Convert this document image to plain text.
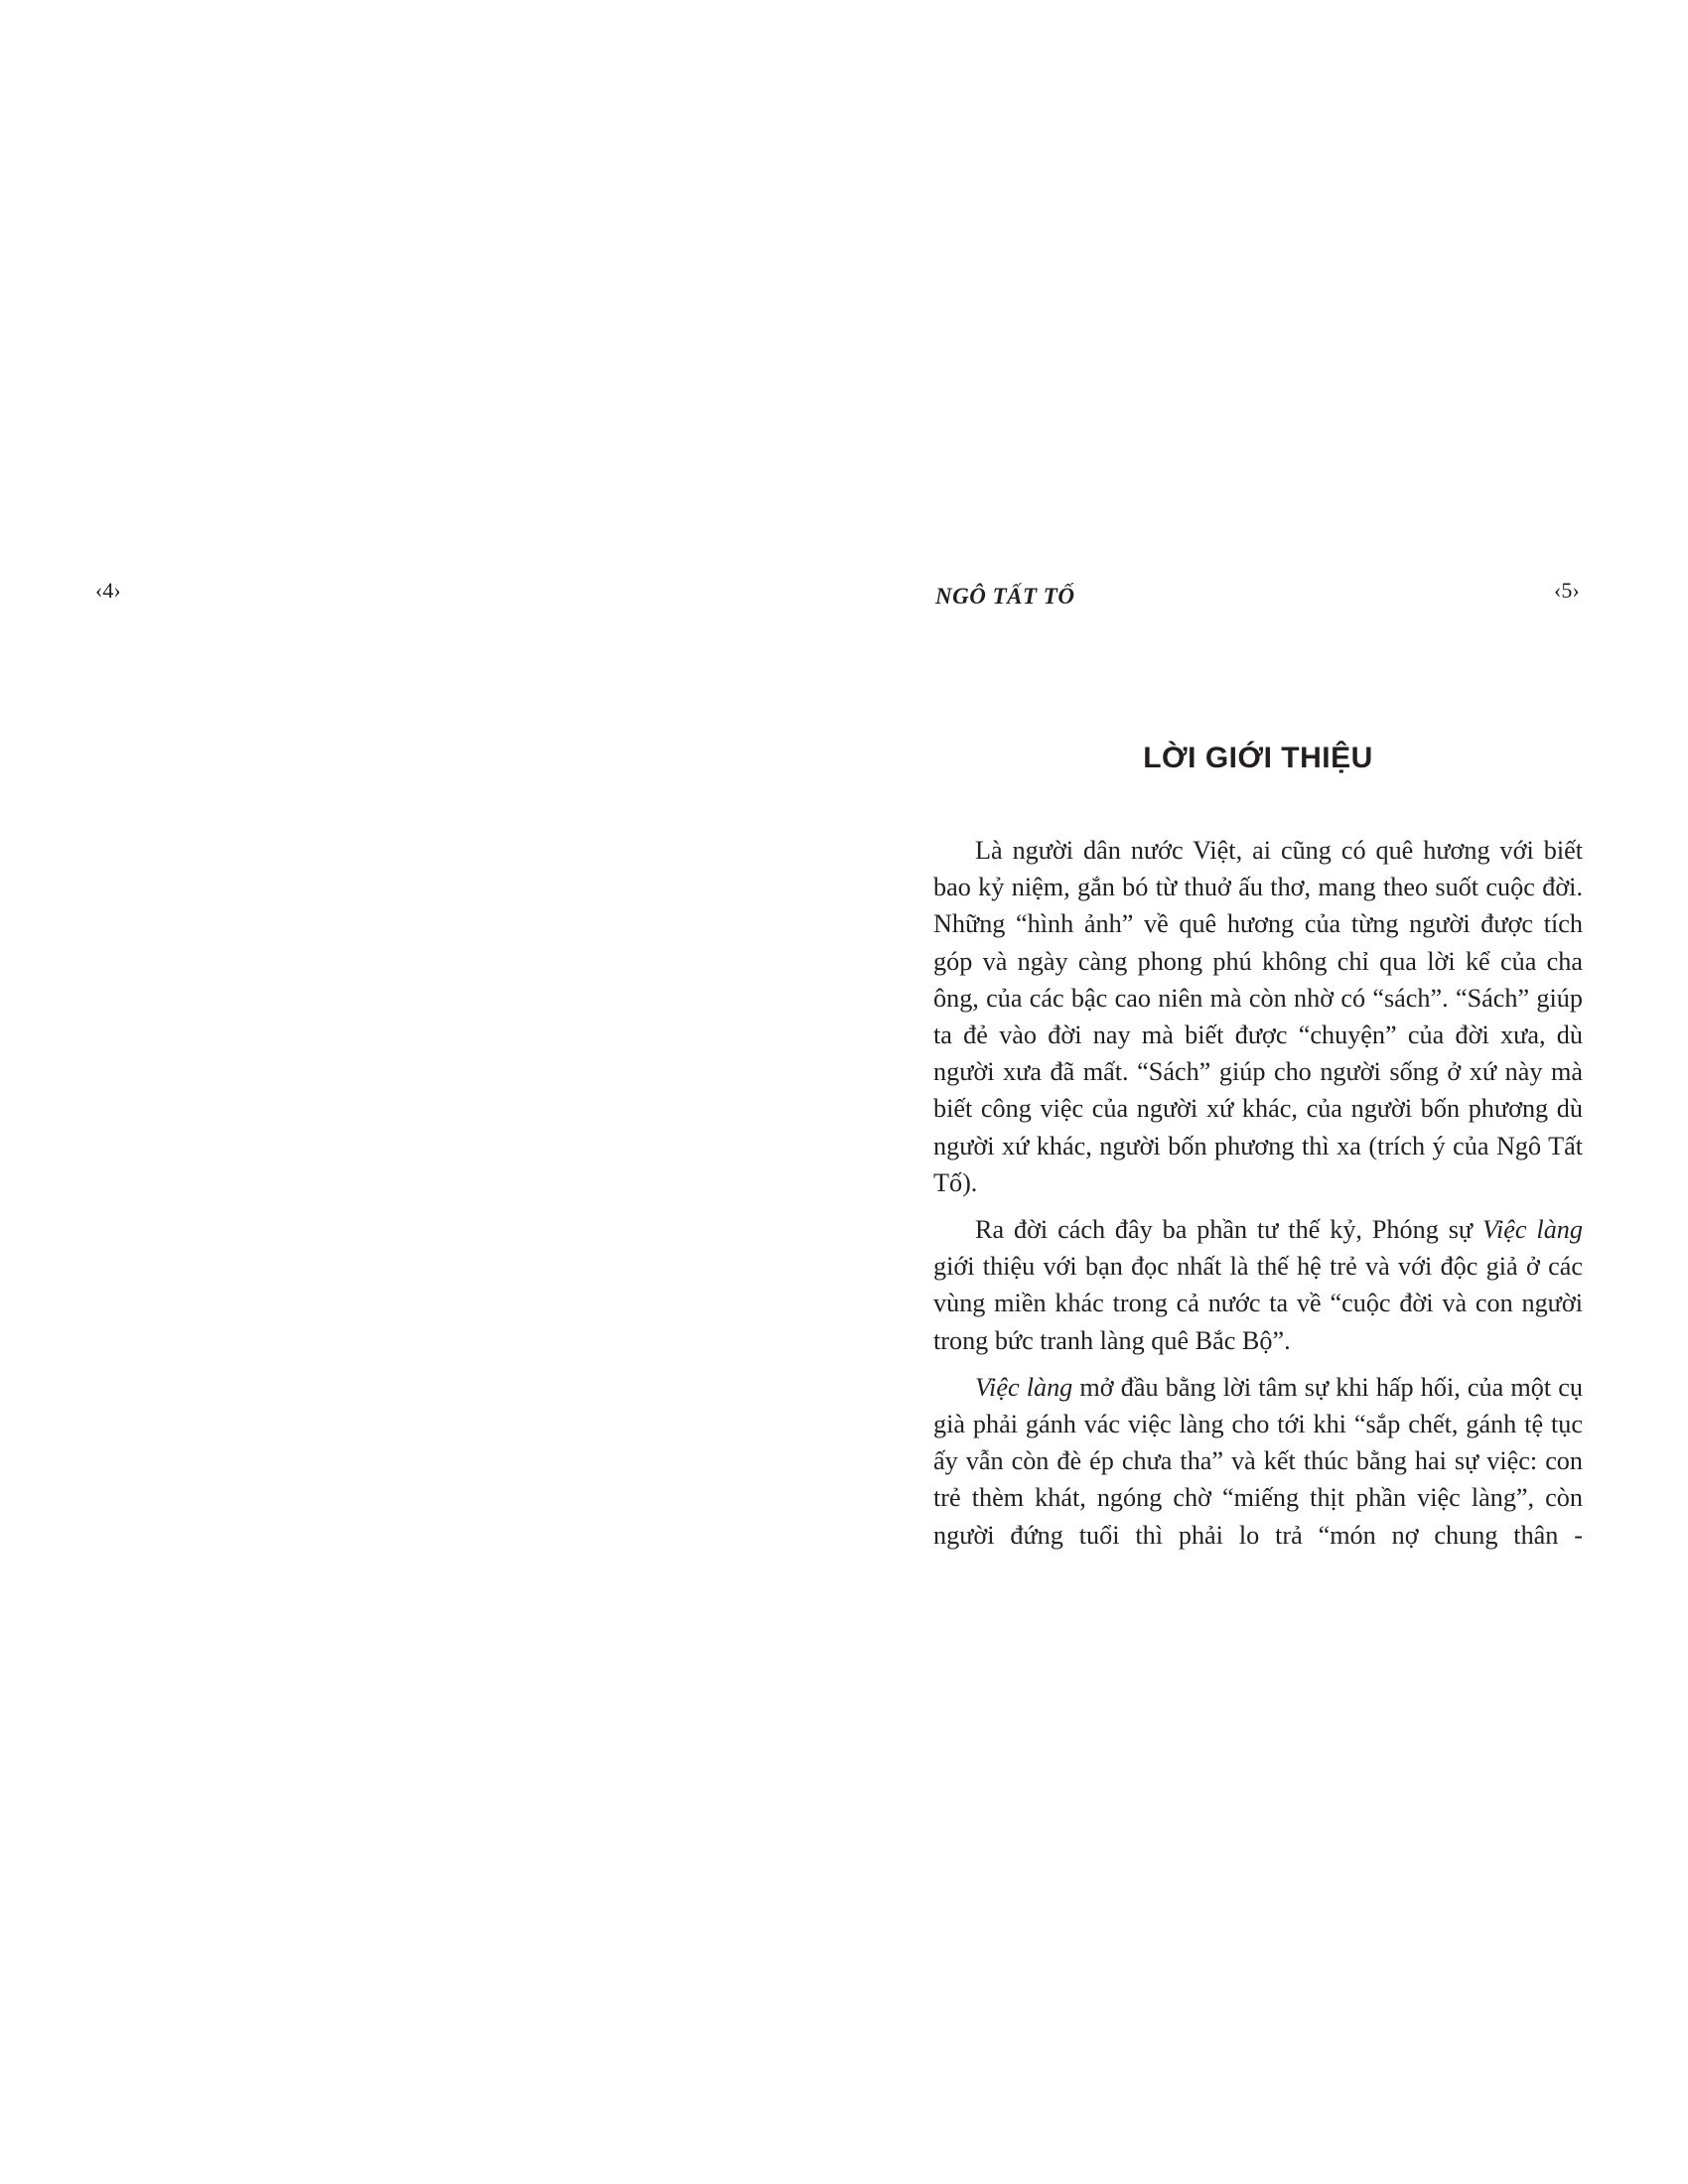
‹4›	NGÔ TẤT TỐ	‹5›
LỜI GIỚI THIỆU

Là người dân nước Việt, ai cũng có quê hương với biết bao kỷ niệm, gắn bó từ thuở ấu thơ, mang theo suốt cuộc đời. Những “hình ảnh” về quê hương của từng người được tích góp và ngày càng phong phú không chỉ qua lời kể của cha ông, của các bậc cao niên mà còn nhờ có “sách”. “Sách” giúp ta đẻ vào đời nay mà biết được “chuyện” của đời xưa, dù người xưa đã mất. “Sách” giúp cho người sống ở xứ này mà biết công việc của người xứ khác, của người bốn phương dù người xứ khác, người bốn phương thì xa (trích ý của Ngô Tất Tố).

Ra đời cách đây ba phần tư thế kỷ, Phóng sự Việc làng giới thiệu với bạn đọc nhất là thế hệ trẻ và với độc giả ở các vùng miền khác trong cả nước ta về “cuộc đời và con người trong bức tranh làng quê Bắc Bộ”.

Việc làng mở đầu bằng lời tâm sự khi hấp hối, của một cụ già phải gánh vác việc làng cho tới khi “sắp chết, gánh tệ tục ấy vẫn còn đè ép chưa tha” và kết thúc bằng hai sự việc: con trẻ thèm khát, ngóng chờ “miếng thịt phần việc làng”, còn người đứng tuổi thì phải lo trả “món nợ chung thân -
